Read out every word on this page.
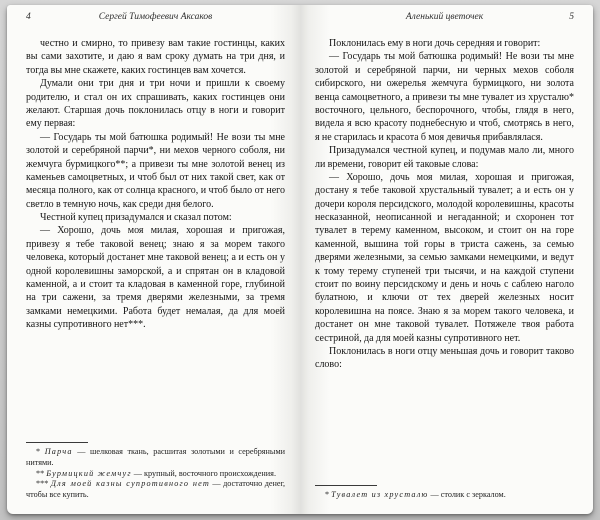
4	Сергей Тимофеевич Аксаков

честно и смирно, то привезу вам такие гостинцы, каких вы сами захотите, и даю я вам сроку думать на три дня, и тогда вы мне скажете, каких гостинцев вам хочется.

Думали они три дня и три ночи и пришли к своему родителю, и стал он их спрашивать, каких гостинцев они желают. Старшая дочь поклонилась отцу в ноги и говорит ему первая:

— Государь ты мой батюшка родимый! Не вози ты мне золотой и серебряной парчи*, ни мехов черного соболя, ни жемчуга бурмицкого**; а привези ты мне золотой венец из каменьев самоцветных, и чтоб был от них такой свет, как от месяца полного, как от солнца красного, и чтоб было от него светло в темную ночь, как среди дня белого.

Честной купец призадумался и сказал потом:

— Хорошо, дочь моя милая, хорошая и пригожая, привезу я тебе таковой венец; знаю я за морем такого человека, который достанет мне таковой венец; а и есть он у одной королевишны заморской, а и спрятан он в кладовой каменной, а и стоит та кладовая в каменной горе, глубиной на три сажени, за тремя дверями железными, за тремя замками немецкими. Работа будет немалая, да для моей казны супротивного нет***.

* Парча — шелковая ткань, расшитая золотыми и серебряными нитями.

** Бурмицкий жемчуг — крупный, восточного происхождения.

*** Для моей казны супротивного нет — достаточно денег, чтобы все купить.

Аленький цветочек	5

Поклонилась ему в ноги дочь середняя и говорит:

— Государь ты мой батюшка родимый! Не вози ты мне золотой и серебряной парчи, ни черных мехов соболя сибирского, ни ожерелья жемчуга бурмицкого, ни золота венца самоцветного, а привези ты мне тувалет из хрусталю* восточного, цельного, беспорочного, чтобы, глядя в него, видела я всю красоту поднебесную и чтоб, смотрясь в него, я не старилась и красота б моя девичья прибавлялася.

Призадумался честной купец, и подумав мало ли, много ли времени, говорит ей таковые слова:

— Хорошо, дочь моя милая, хорошая и пригожая, достану я тебе таковой хрустальный тувалет; а и есть он у дочери короля персидского, молодой королевишны, красоты несказанной, неописанной и негаданной; и схоронен тот тувалет в терему каменном, высоком, и стоит он на горе каменной, вышина той горы в триста сажень, за семью дверями железными, за семью замками немецкими, и ведут к тому терему ступеней три тысячи, и на каждой ступени стоит по воину персидскому и день и ночь с саблею наголо булатною, и ключи от тех дверей железных носит королевишна на поясе. Знаю я за морем такого человека, и достанет он мне таковой тувалет. Потяжеле твоя работа сестриной, да для моей казны супротивного нет.

Поклонилась в ноги отцу меньшая дочь и говорит таково слово:

* Тувалет из хрусталю — столик с зеркалом.
